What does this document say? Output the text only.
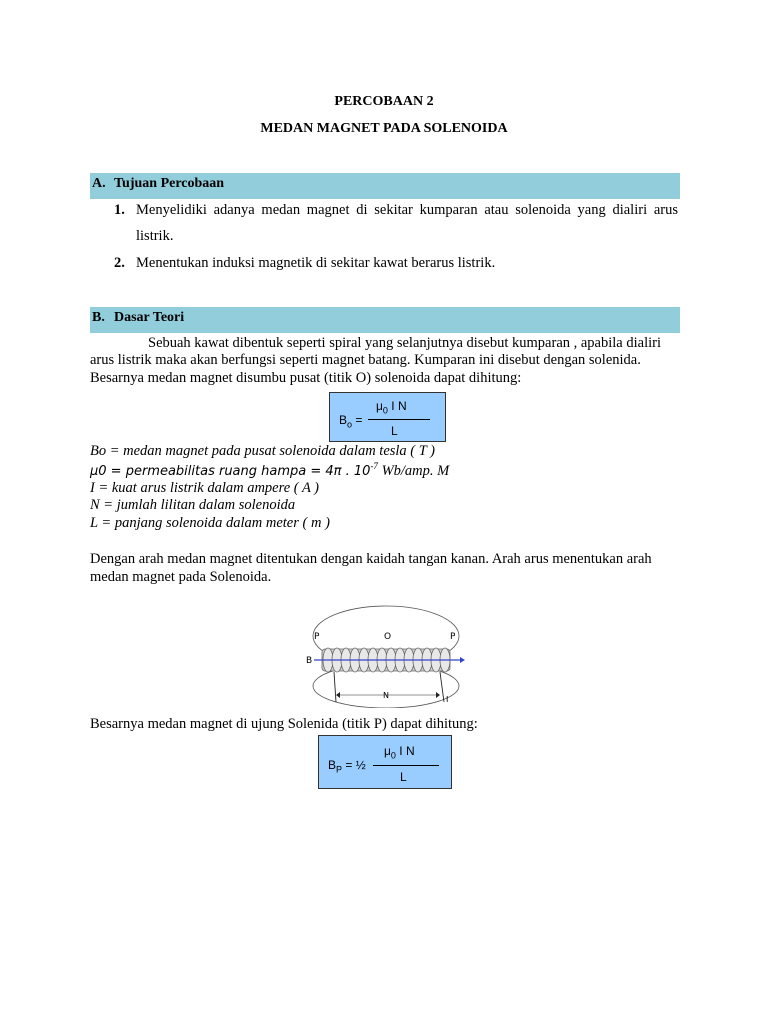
PERCOBAAN 2
MEDAN MAGNET PADA SOLENOIDA
A. Tujuan Percobaan
1. Menyelidiki adanya medan magnet di sekitar kumparan atau solenoida yang dialiri arus
listrik.
2. Menentukan induksi magnetik di sekitar kawat berarus listrik.
B. Dasar Teori
Sebuah kawat dibentuk seperti spiral yang selanjutnya disebut kumparan , apabila dialiri
arus listrik maka akan berfungsi seperti magnet batang. Kumparan ini disebut dengan solenida.
Besarnya medan magnet disumbu pusat (titik O) solenoida dapat dihitung:
$B_o$ =
$\mu_0$ I N
L
Bo = medan magnet pada pusat solenoida dalam tesla ( T )
μ0 = permeabilitas ruang hampa = 4π . $10^{-7}$ Wb/amp. M
I = kuat arus listrik dalam ampere ( A )
N = jumlah lilitan dalam solenoida
L = panjang solenoida dalam meter ( m )
Dengan arah medan magnet ditentukan dengan kaidah tangan kanan. Arah arus menentukan arah
medan magnet pada Solenoida.
P	O	P
B
N	I
Besarnya medan magnet di ujung Solenida (titik P) dapat dihitung:
$B_P$ = ½
$\mu_0$ I N
L
